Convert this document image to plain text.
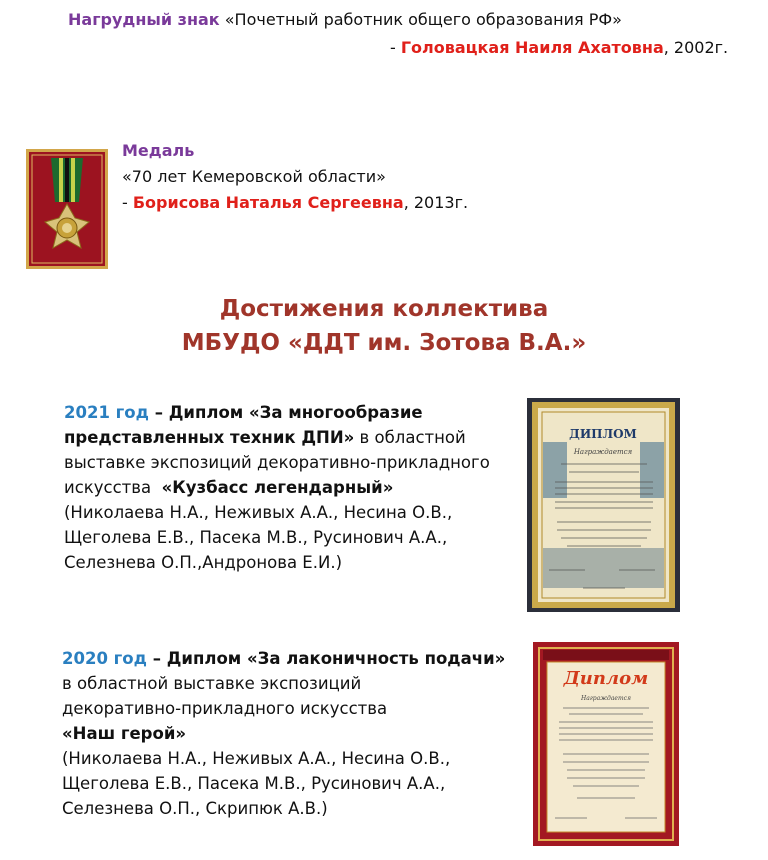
Нагрудный знак «Почетный работник общего образования РФ»
- Головацкая Наиля Ахатовна, 2002г.
Медаль
«70 лет Кемеровской области»
- Борисова Наталья Сергеевна, 2013г.
Достижения коллектива
МБУДО «ДДТ им. Зотова В.А.»
2021 год – Диплом «За многообразие
представленных техник ДПИ» в областной
выставке экспозиций декоративно-прикладного
искусства  «Кузбасс легендарный»
(Николаева Н.А., Неживых А.А., Несина О.В.,
Щеголева Е.В., Пасека М.В., Русинович А.А.,
Селезнева О.П.,Андронова Е.И.)
ДИПЛОМ
Награждается
2020 год – Диплом «За лаконичность подачи»
в областной выставке экспозиций
декоративно-прикладного искусства
«Наш герой»
(Николаева Н.А., Неживых А.А., Несина О.В.,
Щеголева Е.В., Пасека М.В., Русинович А.А.,
Селезнева О.П., Скрипюк А.В.)
Диплом
Награждается
